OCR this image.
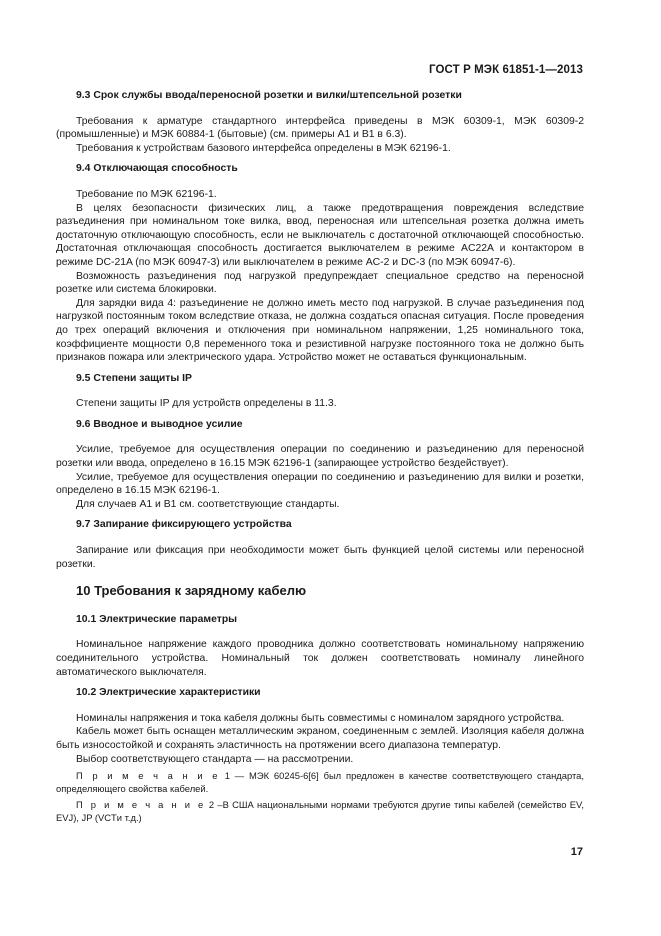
ГОСТ Р МЭК 61851-1—2013
9.3 Срок службы ввода/переносной розетки и вилки/штепсельной розетки
Требования к арматуре стандартного интерфейса приведены в МЭК 60309-1, МЭК 60309-2 (промышленные) и МЭК 60884-1 (бытовые) (см. примеры А1 и В1 в 6.3).
Требования к устройствам базового интерфейса определены в МЭК 62196-1.
9.4 Отключающая способность
Требование по МЭК 62196-1.
В целях безопасности физических лиц, а также предотвращения повреждения вследствие разъединения при номинальном токе вилка, ввод, переносная или штепсельная розетка должна иметь достаточную отключающую способность, если не выключатель с достаточной отключающей способностью. Достаточная отключающая способность достигается выключателем в режиме AC22A и контактором в режиме DC-21A (по МЭК 60947-3) или выключателем в режиме AC-2 и DC-3 (по МЭК 60947-6).
Возможность разъединения под нагрузкой предупреждает специальное средство на переносной розетке или система блокировки.
Для зарядки вида 4: разъединение не должно иметь место под нагрузкой. В случае разъединения под нагрузкой постоянным током вследствие отказа, не должна создаться опасная ситуация. После проведения до трех операций включения и отключения при номинальном напряжении, 1,25 номинального тока, коэффициенте мощности 0,8 переменного тока и резистивной нагрузке постоянного тока не должно быть признаков пожара или электрического удара. Устройство может не оставаться функциональным.
9.5 Степени защиты IP
Степени защиты IP для устройств определены в 11.3.
9.6 Вводное и выводное усилие
Усилие, требуемое для осуществления операции по соединению и разъединению для переносной розетки или ввода, определено в 16.15 МЭК 62196-1 (запирающее устройство бездействует).
Усилие, требуемое для осуществления операции по соединению и разъединению для вилки и розетки, определено в 16.15 МЭК 62196-1.
Для случаев А1 и В1 см. соответствующие стандарты.
9.7 Запирание фиксирующего устройства
Запирание или фиксация при необходимости может быть функцией целой системы или переносной розетки.
10 Требования к зарядному кабелю
10.1 Электрические параметры
Номинальное напряжение каждого проводника должно соответствовать номинальному напряжению соединительного устройства. Номинальный ток должен соответствовать номиналу линейного автоматического выключателя.
10.2 Электрические характеристики
Номиналы напряжения и тока кабеля должны быть совместимы с номиналом зарядного устройства.
Кабель может быть оснащен металлическим экраном, соединенным с землей. Изоляция кабеля должна быть износостойкой и сохранять эластичность на протяжении всего диапазона температур.
Выбор соответствующего стандарта — на рассмотрении.
П р и м е ч а н и е 1 — МЭК 60245-6[6] был предложен в качестве соответствующего стандарта, определяющего свойства кабелей.
П р и м е ч а н и е 2 –В США национальными нормами требуются другие типы кабелей (семейство EV, EVJ), JP (VCTи т.д.)
17
